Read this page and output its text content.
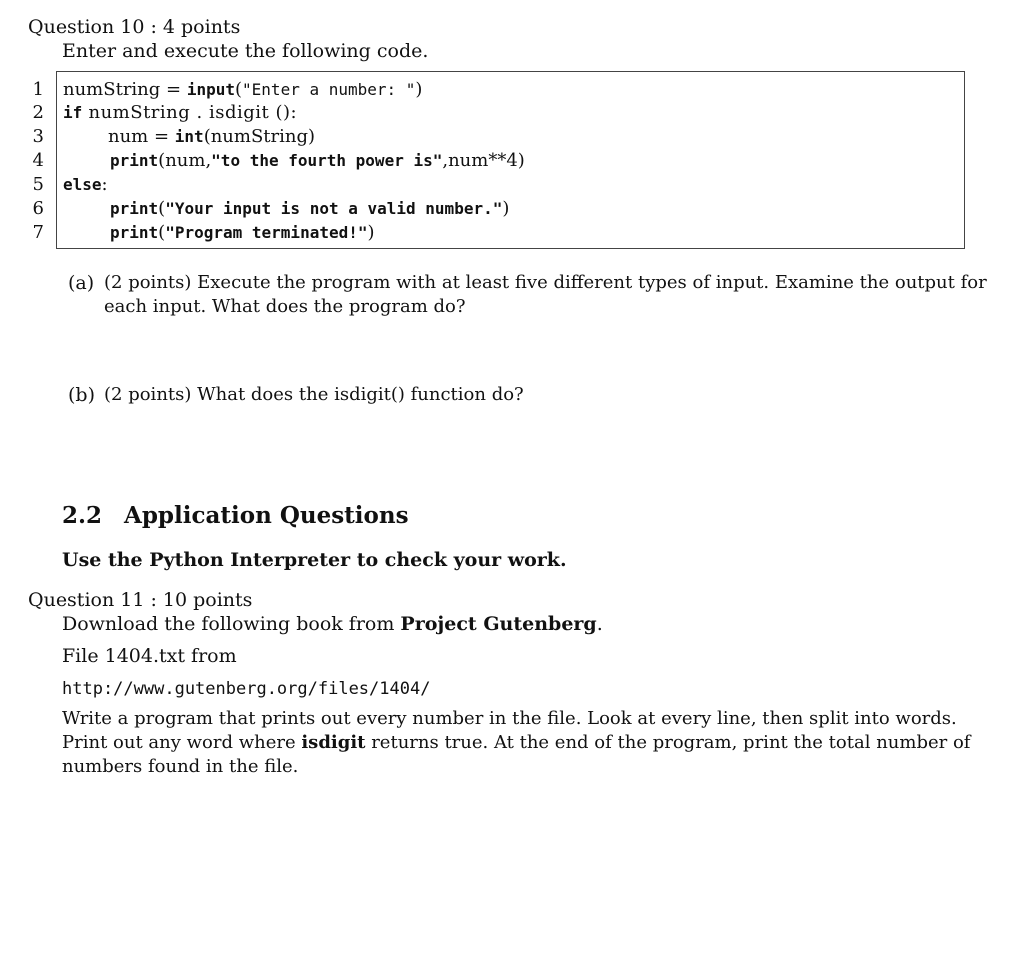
Question 10 : 4 points
Enter and execute the following code.
1
2
3
4
5
6
7
numString = input("Enter a number: ")
if numString . isdigit ():
num = int(numString)
print(num,"to the fourth power is",num**4)
else:
print("Your input is not a valid number.")
print("Program terminated!")
(a) (2 points) Execute the program with at least five different types of input. Examine the output for
each input. What does the program do?
(b) (2 points) What does the isdigit() function do?
2.2 Application Questions
Use the Python Interpreter to check your work.
Question 11 : 10 points
Download the following book from Project Gutenberg.
File 1404.txt from
http://www.gutenberg.org/files/1404/
Write a program that prints out every number in the file. Look at every line, then split into words.
Print out any word where isdigit returns true. At the end of the program, print the total number of
numbers found in the file.
